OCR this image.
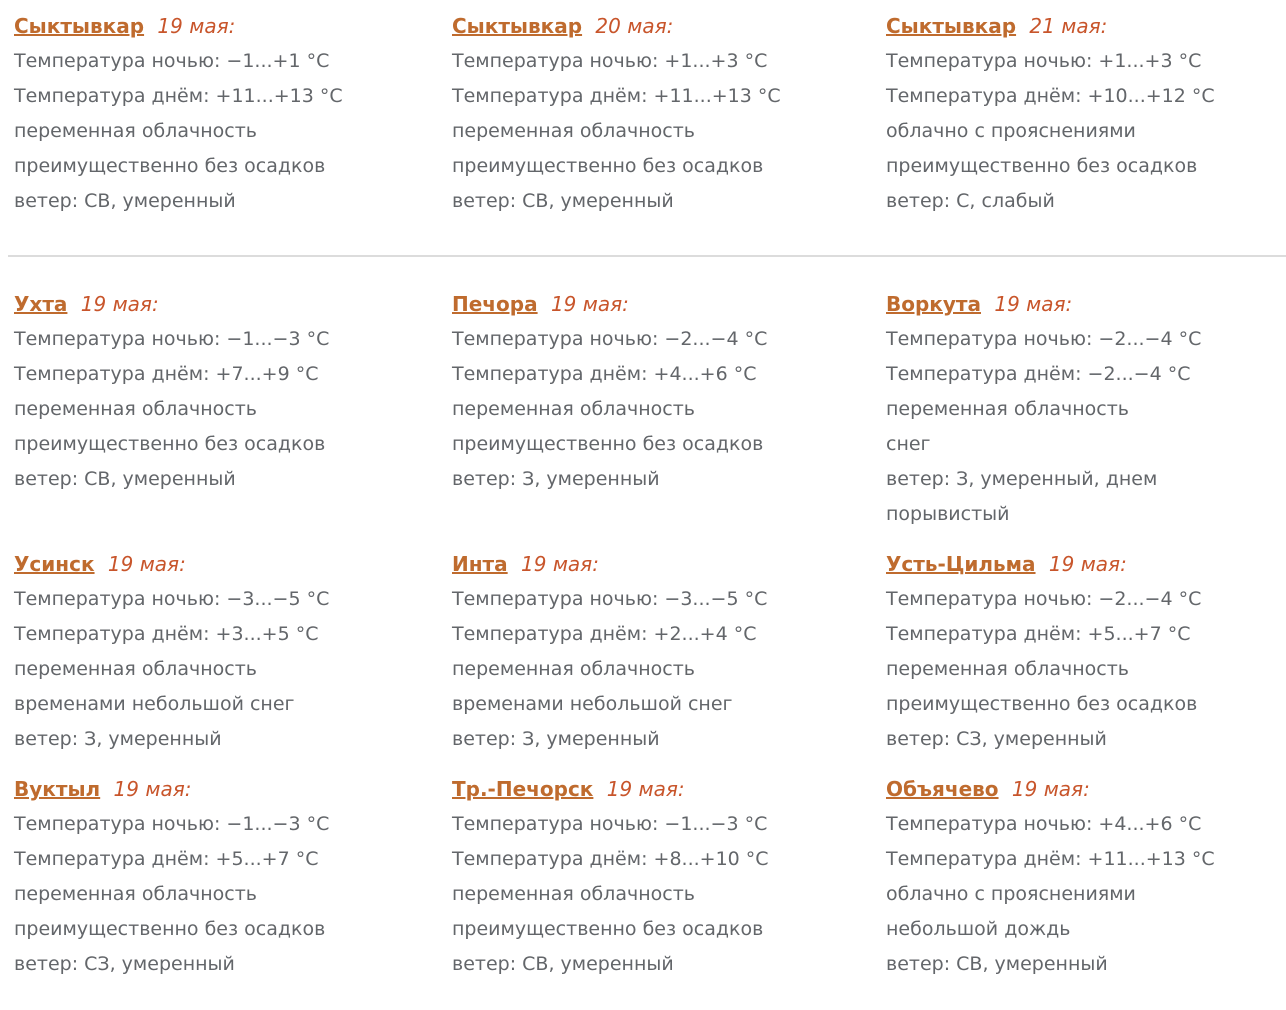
Сыктывкар 19 мая:

Температура ночью: −1...+1 °С

Температура днём: +11...+13 °С

переменная облачность

преимущественно без осадков

ветер: СВ, умеренный

Сыктывкар 20 мая:

Температура ночью: +1...+3 °С

Температура днём: +11...+13 °С

переменная облачность

преимущественно без осадков

ветер: СВ, умеренный

Сыктывкар 21 мая:

Температура ночью: +1...+3 °С

Температура днём: +10...+12 °С

облачно с прояснениями

преимущественно без осадков

ветер: С, слабый

Ухта 19 мая:

Температура ночью: −1...−3 °С

Температура днём: +7...+9 °С

переменная облачность

преимущественно без осадков

ветер: СВ, умеренный

Печора 19 мая:

Температура ночью: −2...−4 °С

Температура днём: +4...+6 °С

переменная облачность

преимущественно без осадков

ветер: З, умеренный

Воркута 19 мая:

Температура ночью: −2...−4 °С

Температура днём: −2...−4 °С

переменная облачность

снег

ветер: З, умеренный, днем порывистый

Усинск 19 мая:

Температура ночью: −3...−5 °С

Температура днём: +3...+5 °С

переменная облачность

временами небольшой снег

ветер: З, умеренный

Инта 19 мая:

Температура ночью: −3...−5 °С

Температура днём: +2...+4 °С

переменная облачность

временами небольшой снег

ветер: З, умеренный

Усть-Цильма 19 мая:

Температура ночью: −2...−4 °С

Температура днём: +5...+7 °С

переменная облачность

преимущественно без осадков

ветер: СЗ, умеренный

Вуктыл 19 мая:

Температура ночью: −1...−3 °С

Температура днём: +5...+7 °С

переменная облачность

преимущественно без осадков

ветер: СЗ, умеренный

Тр.-Печорск 19 мая:

Температура ночью: −1...−3 °С

Температура днём: +8...+10 °С

переменная облачность

преимущественно без осадков

ветер: СВ, умеренный

Объячево 19 мая:

Температура ночью: +4...+6 °С

Температура днём: +11...+13 °С

облачно с прояснениями

небольшой дождь

ветер: СВ, умеренный
